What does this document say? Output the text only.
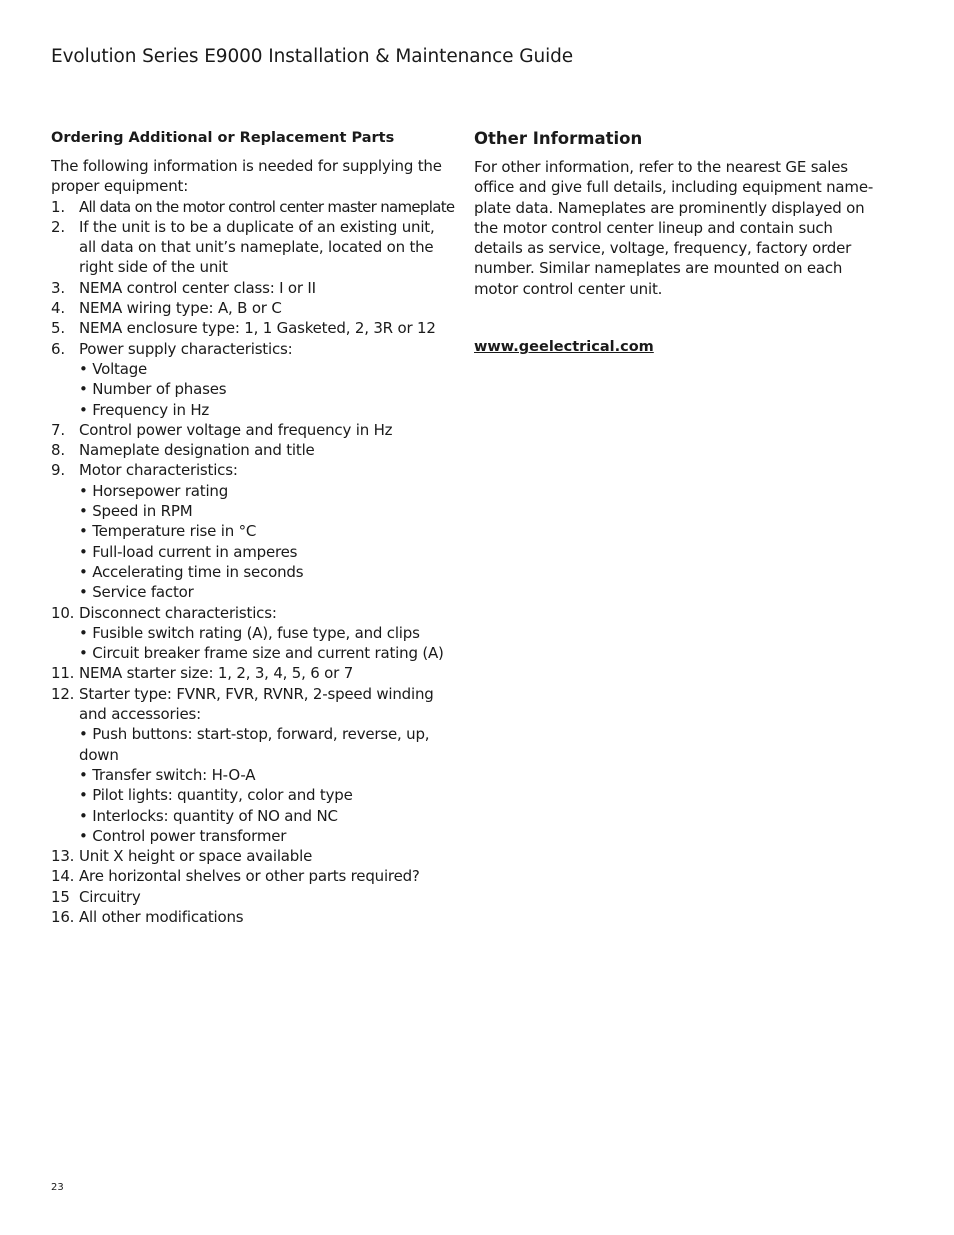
Evolution Series E9000 Installation & Maintenance Guide
Ordering Additional or Replacement Parts

The following information is needed for supplying the proper equipment:

1. All data on the motor control center master nameplate
2. If the unit is to be a duplicate of an existing unit, all data on that unit’s nameplate, located on the right side of the unit
3. NEMA control center class: I or II
4. NEMA wiring type: A, B or C
5. NEMA enclosure type: 1, 1 Gasketed, 2, 3R or 12
6. Power supply characteristics:
• Voltage
• Number of phases
• Frequency in Hz
7. Control power voltage and frequency in Hz
8. Nameplate designation and title
9. Motor characteristics:
• Horsepower rating
• Speed in RPM
• Temperature rise in °C
• Full-load current in amperes
• Accelerating time in seconds
• Service factor
10. Disconnect characteristics:
• Fusible switch rating (A), fuse type, and clips
• Circuit breaker frame size and current rating (A)
11. NEMA starter size: 1, 2, 3, 4, 5, 6 or 7
12. Starter type: FVNR, FVR, RVNR, 2-speed winding and accessories:
• Push buttons: start-stop, forward, reverse, up, down
• Transfer switch: H-O-A
• Pilot lights: quantity, color and type
• Interlocks: quantity of NO and NC
• Control power transformer
13. Unit X height or space available
14. Are horizontal shelves or other parts required?
15 Circuitry
16. All other modifications
Other Information

For other information, refer to the nearest GE sales office and give full details, including equipment name-plate data. Nameplates are prominently displayed on the motor control center lineup and contain such details as service, voltage, frequency, factory order number. Similar nameplates are mounted on each motor control center unit.

www.geelectrical.com
23
